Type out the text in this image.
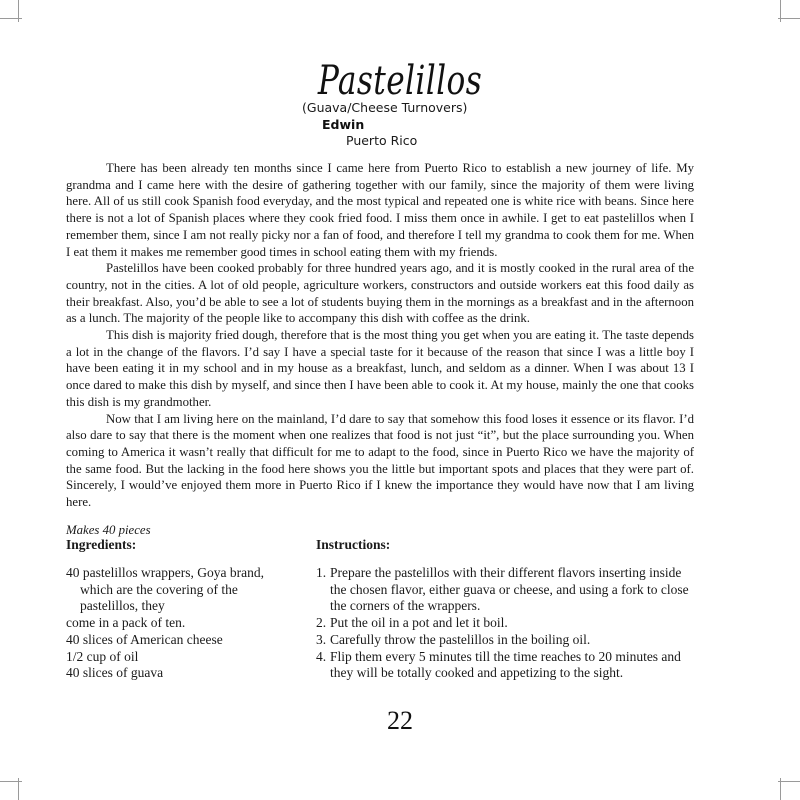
Pastelillos
(Guava/Cheese Turnovers)
Edwin
Puerto Rico

There has been already ten months since I came here from Puerto Rico to establish a new journey of life. My grandma and I came here with the desire of gathering together with our family, since the majority of them were living here. All of us still cook Spanish food everyday, and the most typical and repeated one is white rice with beans. Since here there is not a lot of Spanish places where they cook fried food. I miss them once in awhile. I get to eat pastelillos when I remember them, since I am not really picky nor a fan of food, and therefore I tell my grandma to cook them for me. When I eat them it makes me remember good times in school eating them with my friends.

Pastelillos have been cooked probably for three hundred years ago, and it is mostly cooked in the rural area of the country, not in the cities. A lot of old people, agriculture workers, constructors and outside workers eat this food daily as their breakfast. Also, you’d be able to see a lot of students buying them in the mornings as a breakfast and in the afternoon as a lunch. The majority of the people like to accompany this dish with coffee as the drink.

This dish is majority fried dough, therefore that is the most thing you get when you are eating it. The taste depends a lot in the change of the flavors. I’d say I have a special taste for it because of the reason that since I was a little boy I have been eating it in my school and in my house as a breakfast, lunch, and seldom as a dinner. When I was about 13 I once dared to make this dish by myself, and since then I have been able to cook it. At my house, mainly the one that cooks this dish is my grandmother.

Now that I am living here on the mainland, I’d dare to say that somehow this food loses it essence or its flavor. I’d also dare to say that there is the moment when one realizes that food is not just “it”, but the place surrounding you. When coming to America it wasn’t really that difficult for me to adapt to the food, since in Puerto Rico we have the majority of the same food. But the lacking in the food here shows you the little but important spots and places that they were part of. Sincerely, I would’ve enjoyed them more in Puerto Rico if I knew the importance they would have now that I am living here.

Makes 40 pieces
Ingredients:	Instructions:
40 pastelillos wrappers, Goya brand, which are the covering of the pastelillos, they
come in a pack of ten.
40 slices of American cheese
1/2 cup of oil
40 slices of guava
1. Prepare the pastelillos with their different flavors inserting inside the chosen flavor, either guava or cheese, and using a fork to close the corners of the wrappers.
2. Put the oil in a pot and let it boil.
3. Carefully throw the pastelillos in the boiling oil.
4. Flip them every 5 minutes till the time reaches to 20 minutes and they will be totally cooked and appetizing to the sight.
22
